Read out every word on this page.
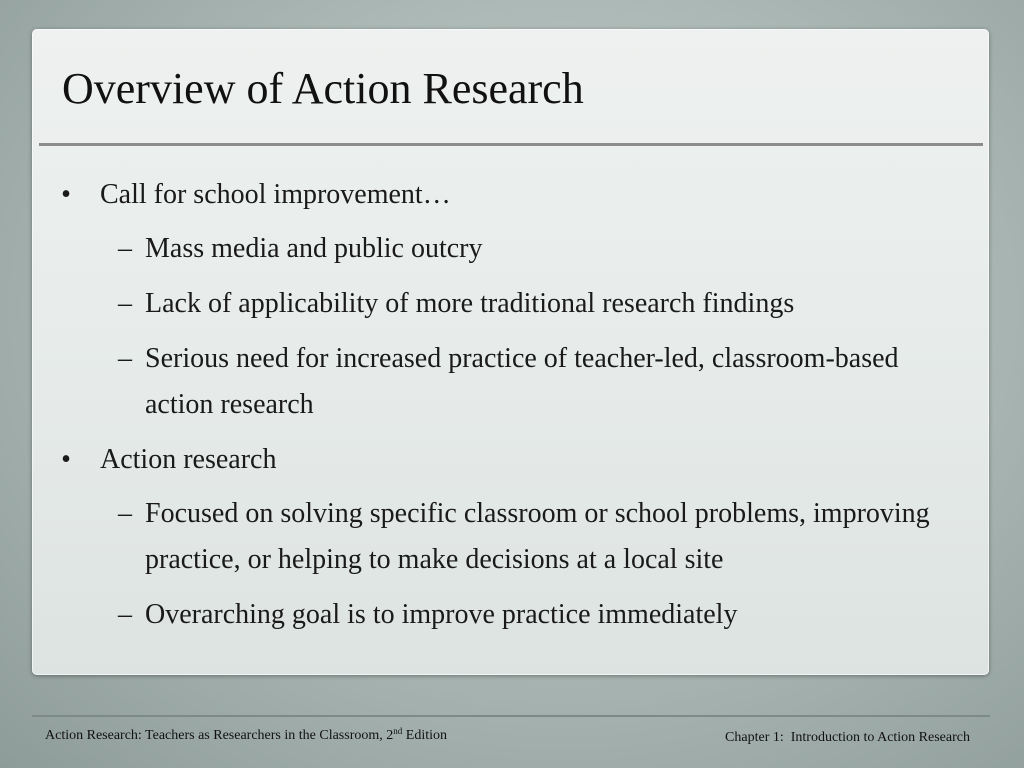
Overview of Action Research
• Call for school improvement…
– Mass media and public outcry
– Lack of applicability of more traditional research findings
– Serious need for increased practice of teacher-led, classroom-based action research
• Action research
– Focused on solving specific classroom or school problems, improving practice, or helping to make decisions at a local site
– Overarching goal is to improve practice immediately
Action Research: Teachers as Researchers in the Classroom, 2nd Edition	Chapter 1:  Introduction to Action Research
